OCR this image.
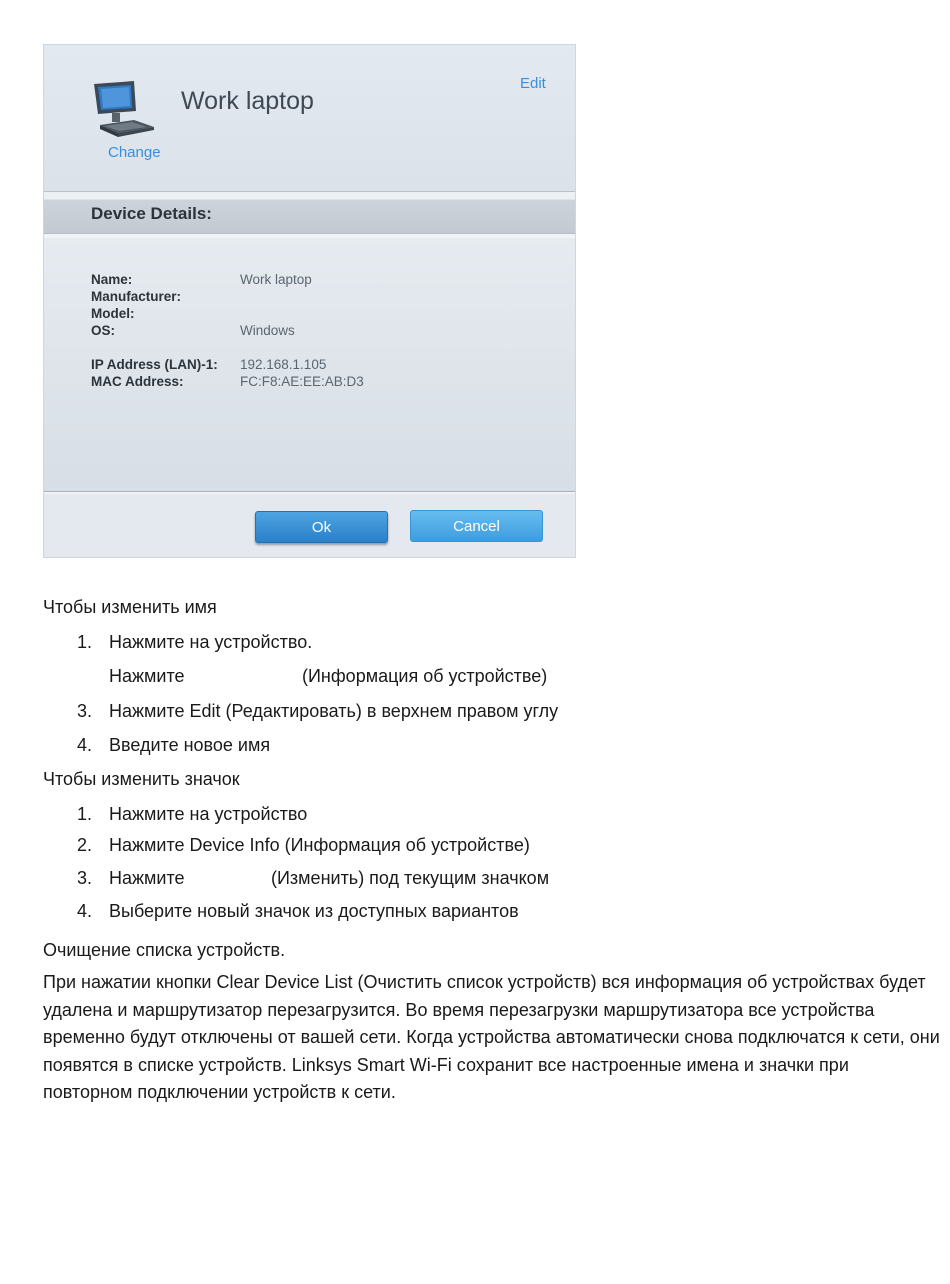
Change
Work laptop
Edit
Device Details:
Name:	Work laptop
Manufacturer:
Model:
OS:	Windows
IP Address (LAN)-1: 192.168.1.105
MAC Address:	FC:F8:AE:EE:AB:D3
Ok	Cancel
Чтобы изменить имя
1. Нажмите на устройство.
Нажмите	(Информация об устройстве)
3. Нажмите Edit (Редактировать) в верхнем правом углу
4. Введите новое имя
Чтобы изменить значок
1. Нажмите на устройство
2. Нажмите Device Info (Информация об устройстве)
3. Нажмите	(Изменить) под текущим значком
4. Выберите новый значок из доступных вариантов
Очищение списка устройств.
При нажатии кнопки Clear Device List (Очистить список устройств) вся информация об устройствах будет удалена и маршрутизатор перезагрузится. Во время перезагрузки маршрутизатора все устройства временно будут отключены от вашей сети. Когда устройства автоматически снова подключатся к сети, они появятся в списке устройств. Linksys Smart Wi-Fi сохранит все настроенные имена и значки при повторном подключении устройств к сети.
